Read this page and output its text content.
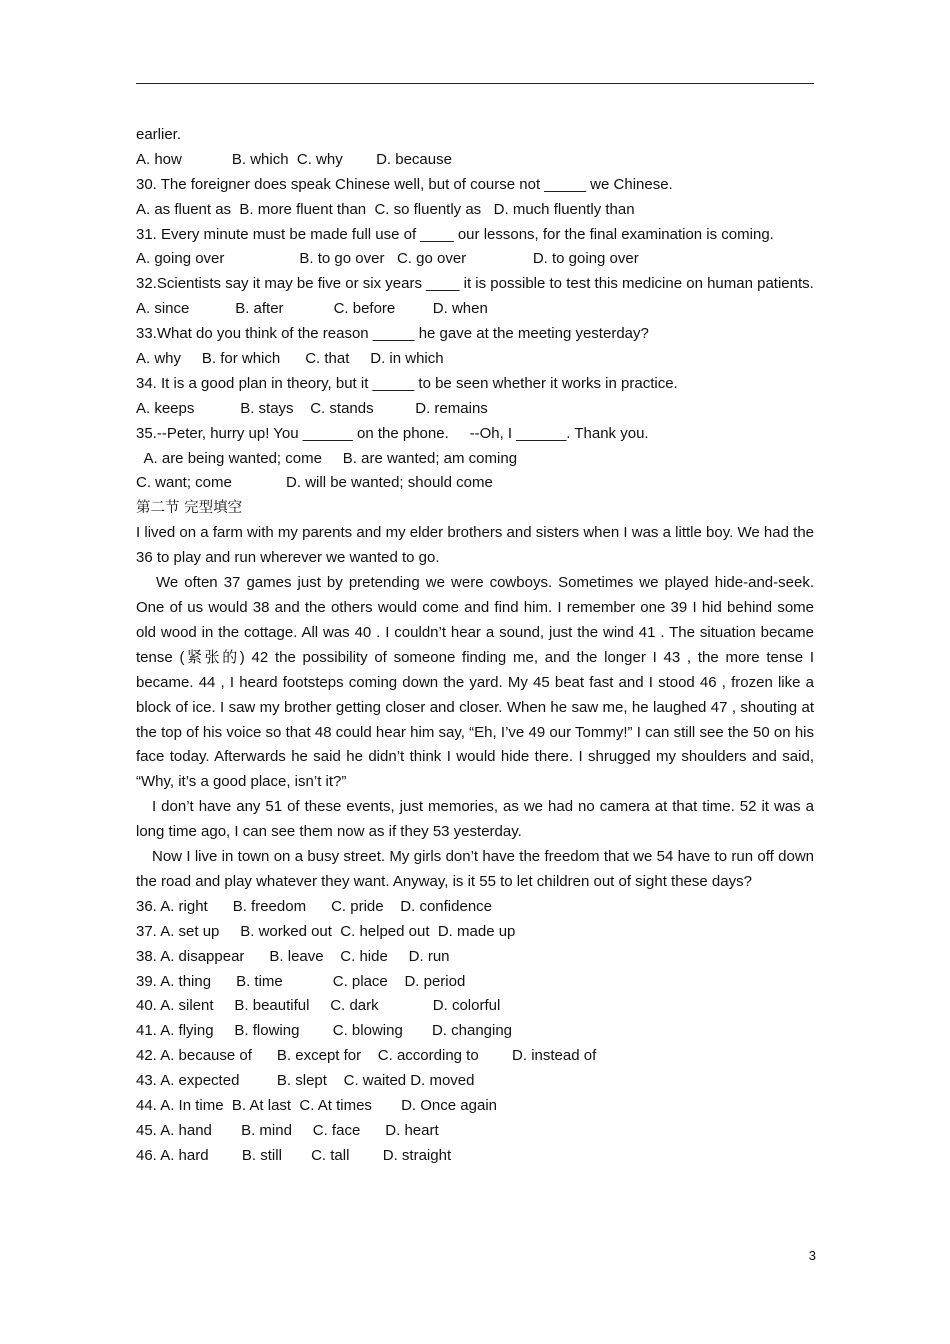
earlier.
A. how            B. which  C. why        D. because
30. The foreigner does speak Chinese well, but of course not _____ we Chinese.
A. as fluent as  B. more fluent than  C. so fluently as   D. much fluently than
31. Every minute must be made full use of ____ our lessons, for the final examination is coming.
A. going over                  B. to go over   C. go over                D. to going over
32.Scientists say it may be five or six years ____ it is possible to test this medicine on human patients.
A. since           B. after            C. before         D. when
33.What do you think of the reason _____ he gave at the meeting yesterday?
A. why     B. for which      C. that     D. in which
34. It is a good plan in theory, but it _____ to be seen whether it works in practice.
A. keeps           B. stays    C. stands          D. remains
35.--Peter, hurry up! You ______ on the phone.     --Oh, I ______. Thank you.
A. are being wanted; come     B. are wanted; am coming
C. want; come             D. will be wanted; should come
第二节 完型填空
I lived on a farm with my parents and my elder brothers and sisters when I was a little boy. We had the 36 to play and run wherever we wanted to go.
We often 37 games just by pretending we were cowboys. Sometimes we played hide-and-seek. One of us would 38 and the others would come and find him. I remember one 39 I hid behind some old wood in the cottage. All was 40 . I couldn’t hear a sound, just the wind 41 . The situation became tense (紧张的) 42 the possibility of someone finding me, and the longer I 43 , the more tense I became. 44 , I heard footsteps coming down the yard. My 45 beat fast and I stood 46 , frozen like a block of ice. I saw my brother getting closer and closer. When he saw me, he laughed 47 , shouting at the top of his voice so that 48 could hear him say, “Eh, I’ve 49 our Tommy!” I can still see the 50 on his face today. Afterwards he said he didn’t think I would hide there. I shrugged my shoulders and said, “Why, it’s a good place, isn’t it?”
I don’t have any 51 of these events, just memories, as we had no camera at that time. 52 it was a long time ago, I can see them now as if they 53 yesterday.
Now I live in town on a busy street. My girls don’t have the freedom that we 54 have to run off down the road and play whatever they want. Anyway, is it 55 to let children out of sight these days?
36. A. right      B. freedom      C. pride    D. confidence
37. A. set up     B. worked out  C. helped out  D. made up
38. A. disappear      B. leave    C. hide     D. run
39. A. thing      B. time            C. place    D. period
40. A. silent     B. beautiful     C. dark             D. colorful
41. A. flying     B. flowing        C. blowing       D. changing
42. A. because of      B. except for    C. according to        D. instead of
43. A. expected         B. slept    C. waited D. moved
44. A. In time  B. At last  C. At times       D. Once again
45. A. hand       B. mind     C. face      D. heart
46. A. hard        B. still       C. tall        D. straight
3
